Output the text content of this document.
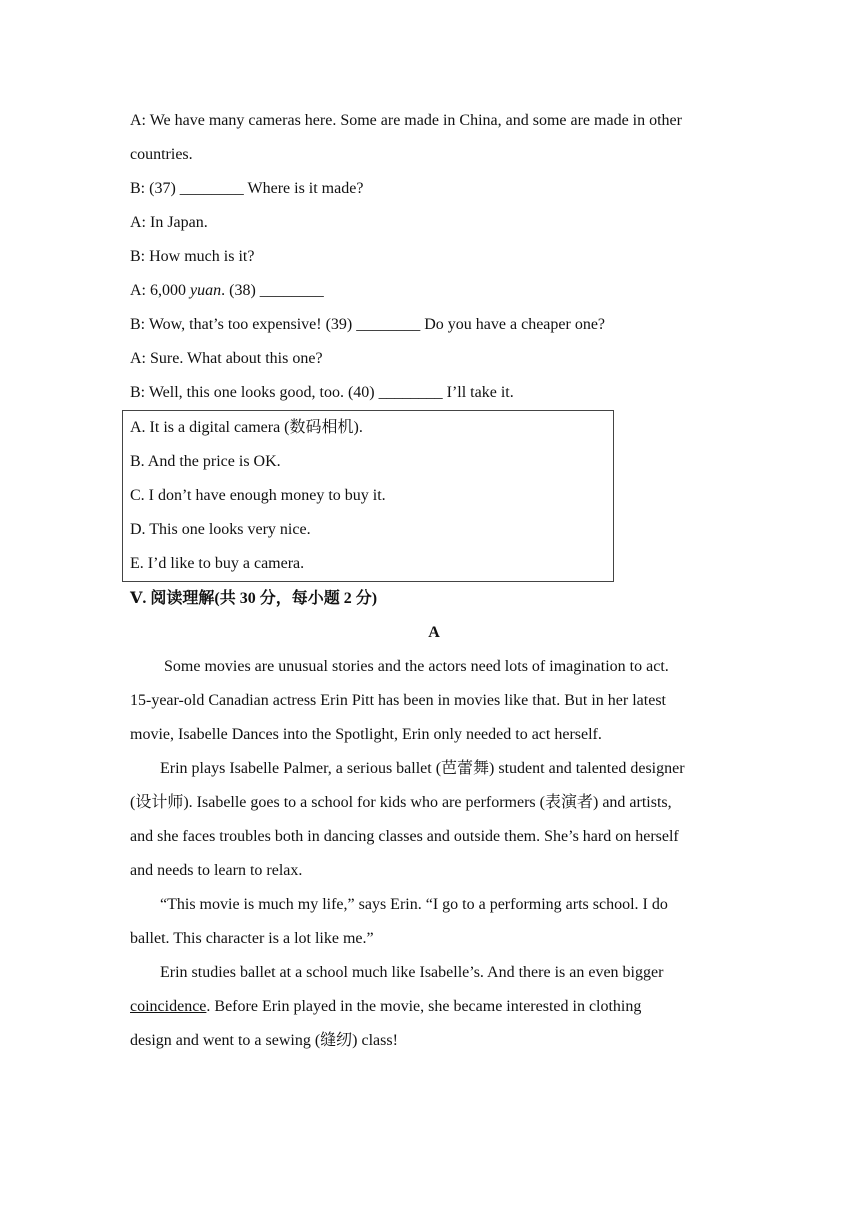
A: We have many cameras here. Some are made in China, and some are made in other
countries.
B: (37) ________ Where is it made?
A: In Japan.
B: How much is it?
A: 6,000 yuan. (38) ________
B: Wow, that’s too expensive! (39) ________ Do you have a cheaper one?
A: Sure. What about this one?
B: Well, this one looks good, too. (40) ________ I’ll take it.
A. It is a digital camera (数码相机).
B. And the price is OK.
C. I don’t have enough money to buy it.
D. This one looks very nice.
E. I’d like to buy a camera.
Ⅴ. 阅读理解(共 30 分，每小题 2 分)
A
Some movies are unusual stories and the actors need lots of imagination to act.
15-year-old Canadian actress Erin Pitt has been in movies like that. But in her latest
movie, Isabelle Dances into the Spotlight, Erin only needed to act herself.
Erin plays Isabelle Palmer, a serious ballet (芭蕾舞) student and talented designer
(设计师). Isabelle goes to a school for kids who are performers (表演者) and artists,
and she faces troubles both in dancing classes and outside them. She’s hard on herself
and needs to learn to relax.
“This movie is much my life,” says Erin. “I go to a performing arts school. I do
ballet. This character is a lot like me.”
Erin studies ballet at a school much like Isabelle’s. And there is an even bigger
coincidence. Before Erin played in the movie, she became interested in clothing
design and went to a sewing (缝纫) class!
